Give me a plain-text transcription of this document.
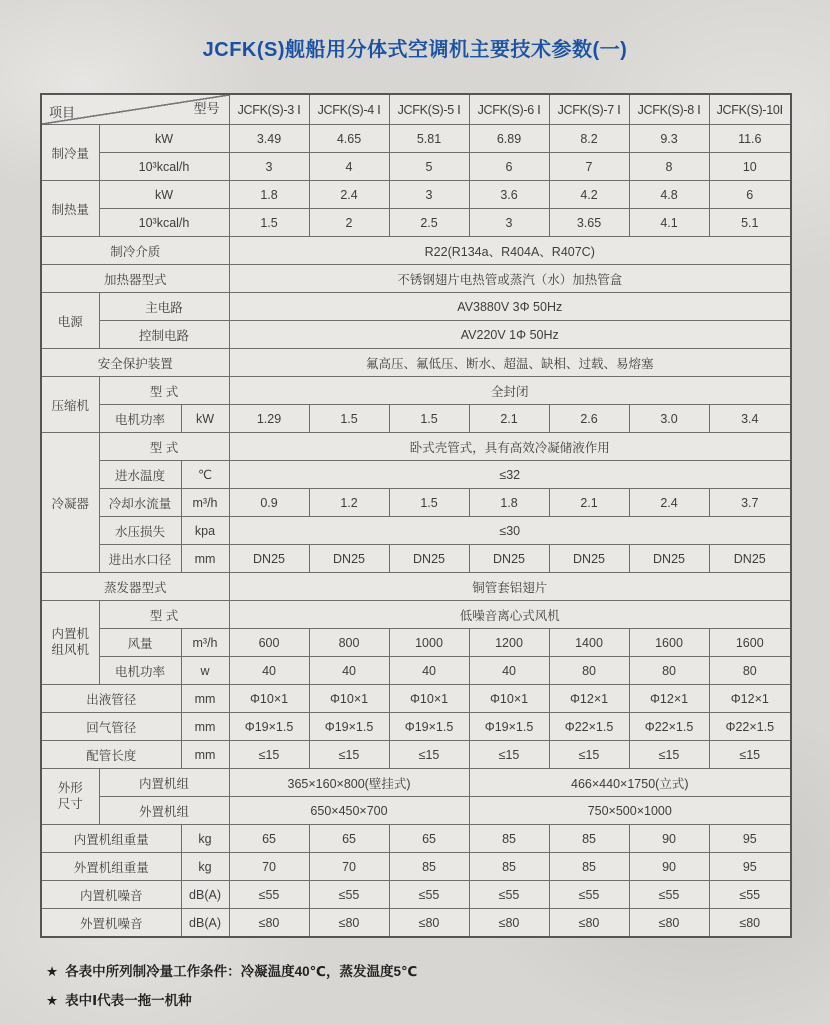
JCFK(S)舰船用分体式空调机主要技术参数(一)
项目 型号			JCFK(S)-3 Ⅰ	JCFK(S)-4 Ⅰ	JCFK(S)-5 Ⅰ	JCFK(S)-6 Ⅰ	JCFK(S)-7 Ⅰ	JCFK(S)-8 Ⅰ	JCFK(S)-10Ⅰ
制冷量	kW		3.49	4.65	5.81	6.89	8.2	9.3	11.6
	10³kcal/h		3	4	5	6	7	8	10
制热量	kW		1.8	2.4	3	3.6	4.2	4.8	6
	10³kcal/h		1.5	2	2.5	3	3.65	4.1	5.1
制冷介质			R22(R134a、R404A、R407C)						
加热器型式			不锈钢翅片电热管或蒸汽（水）加热管盒						
电源	主电路		AV3880V 3Φ 50Hz						
	控制电路		AV220V 1Φ 50Hz						
安全保护装置			氟高压、氟低压、断水、超温、缺相、过载、易熔塞						
压缩机	型 式		全封闭						
	电机功率	kW	1.29	1.5	1.5	2.1	2.6	3.0	3.4
冷凝器	型 式		卧式壳管式，具有高效冷凝储液作用						
	进水温度	℃	≤32						
	冷却水流量	m³/h	0.9	1.2	1.5	1.8	2.1	2.4	3.7
	水压损失	kpa	≤30						
	进出水口径	mm	DN25	DN25	DN25	DN25	DN25	DN25	DN25
蒸发器型式			铜管套铝翅片						

内置机
组风机	型 式		低噪音离心式风机						
	风量	m³/h	600	800	1000	1200	1400	1600	1600
	电机功率	w	40	40	40	40	80	80	80
出液管径		mm	Φ10×1	Φ10×1	Φ10×1	Φ10×1	Φ12×1	Φ12×1	Φ12×1
回气管径		mm	Φ19×1.5	Φ19×1.5	Φ19×1.5	Φ19×1.5	Φ22×1.5	Φ22×1.5	Φ22×1.5
配管长度		mm	≤15	≤15	≤15	≤15	≤15	≤15	≤15

外形
尺寸	内置机组		365×160×800(壁挂式)			466×440×1750(立式)			
	外置机组		650×450×700			750×500×1000			
内置机组重量		kg	65	65	65	85	85	90	95
外置机组重量		kg	70	70	85	85	85	90	95
内置机噪音		dB(A)	≤55	≤55	≤55	≤55	≤55	≤55	≤55
外置机噪音		dB(A)	≤80	≤80	≤80	≤80	≤80	≤80	≤80
★ 各表中所列制冷量工作条件：冷凝温度40℃，蒸发温度5℃
★ 表中Ⅰ代表一拖一机种
